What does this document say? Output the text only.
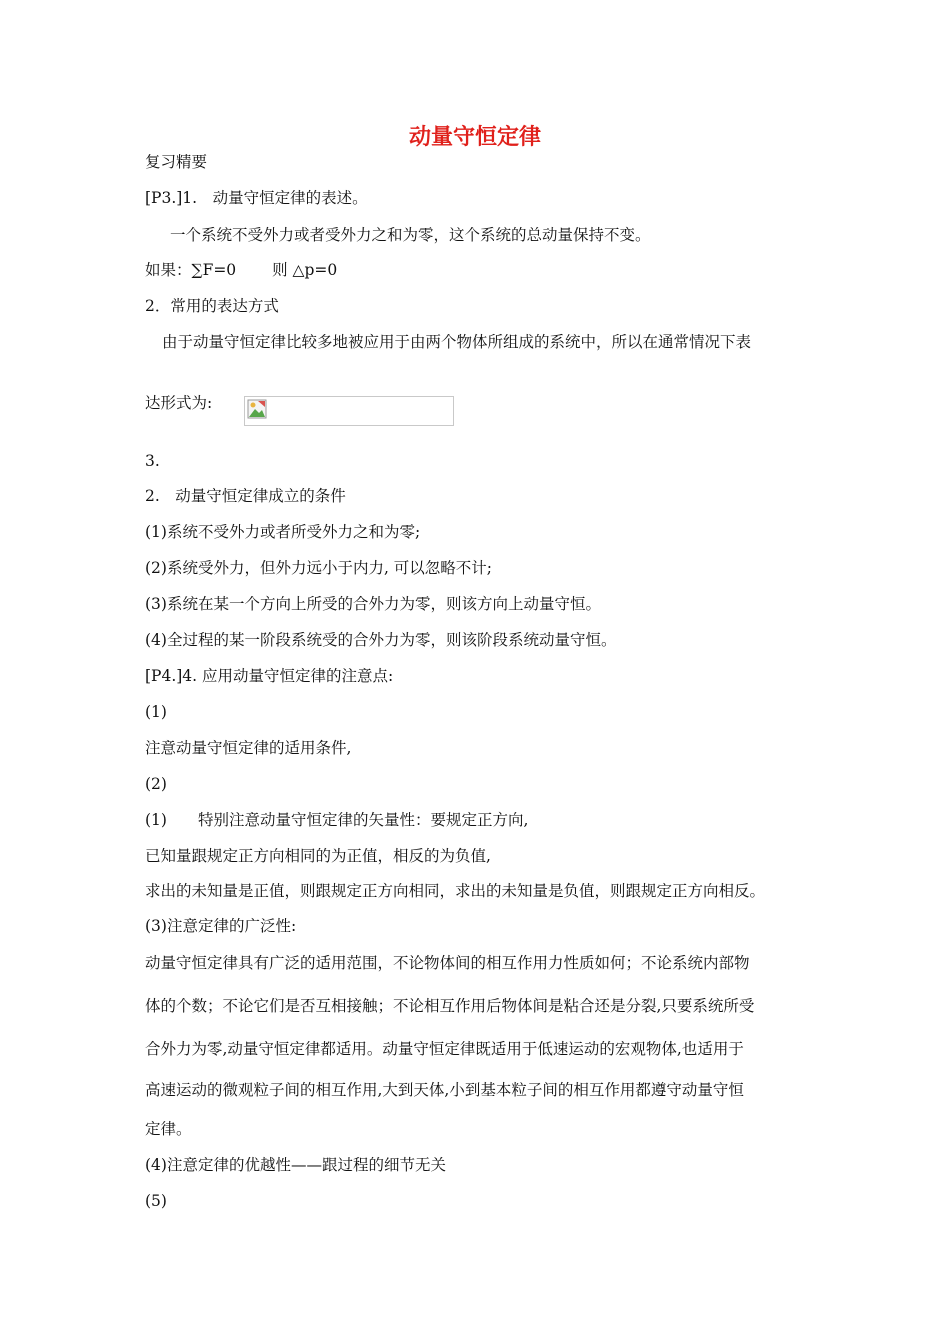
动量守恒定律
复习精要
[P3.]1.　动量守恒定律的表述。
一个系统不受外力或者受外力之和为零，这个系统的总动量保持不变。
如果：∑F=0　　 则 △p=0
2．常用的表达方式
由于动量守恒定律比较多地被应用于由两个物体所组成的系统中，所以在通常情况下表
达形式为:
3.
2.　动量守恒定律成立的条件
(1)系统不受外力或者所受外力之和为零;
(2)系统受外力，但外力远小于内力, 可以忽略不计;
(3)系统在某一个方向上所受的合外力为零，则该方向上动量守恒。
(4)全过程的某一阶段系统受的合外力为零，则该阶段系统动量守恒。
[P4.]4. 应用动量守恒定律的注意点:
(1)
注意动量守恒定律的适用条件,
(2)
(1)　　特别注意动量守恒定律的矢量性：要规定正方向,
已知量跟规定正方向相同的为正值，相反的为负值,
求出的未知量是正值，则跟规定正方向相同，求出的未知量是负值，则跟规定正方向相反。
(3)注意定律的广泛性:
动量守恒定律具有广泛的适用范围，不论物体间的相互作用力性质如何；不论系统内部物
体的个数；不论它们是否互相接触；不论相互作用后物体间是粘合还是分裂,只要系统所受
合外力为零,动量守恒定律都适用。动量守恒定律既适用于低速运动的宏观物体,也适用于
高速运动的微观粒子间的相互作用,大到天体,小到基本粒子间的相互作用都遵守动量守恒
定律。
(4)注意定律的优越性——跟过程的细节无关
(5)
